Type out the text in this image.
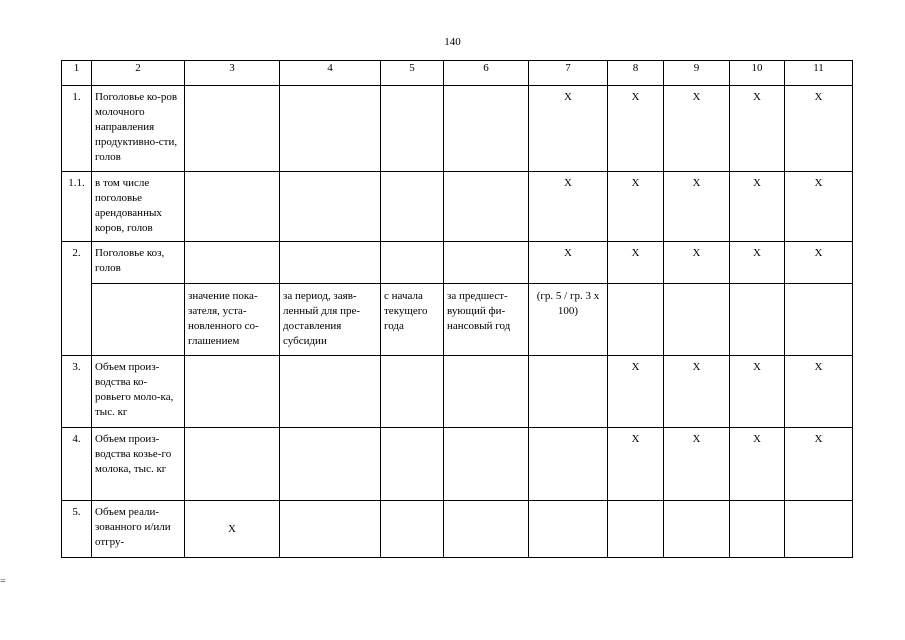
140
1	2	3	4	5	6	7	8	9	10	11
1.	Поголовье ко-ров молочного направления продуктивно-сти, голов					X	X	X	X	X
1.1.	в том числе поголовье арендованных коров, голов					X	X	X	X	X
2.	Поголовье коз, голов					X	X	X	X	X
		значение пока-зателя, уста-новленного со-глашением	за период, заяв-ленный для пре-доставления субсидии	с начала текущего года	за предшест-вующий фи-нансовый год	(гр. 5 / гр. 3 х 100)				
3.	Объем произ-водства ко-ровьего моло-ка, тыс. кг						X	X	X	X
4.	Объем произ-водства козье-го молока, тыс. кг						X	X	X	X
5.	Объем реали-зованного и/или отгру-	X								
=
